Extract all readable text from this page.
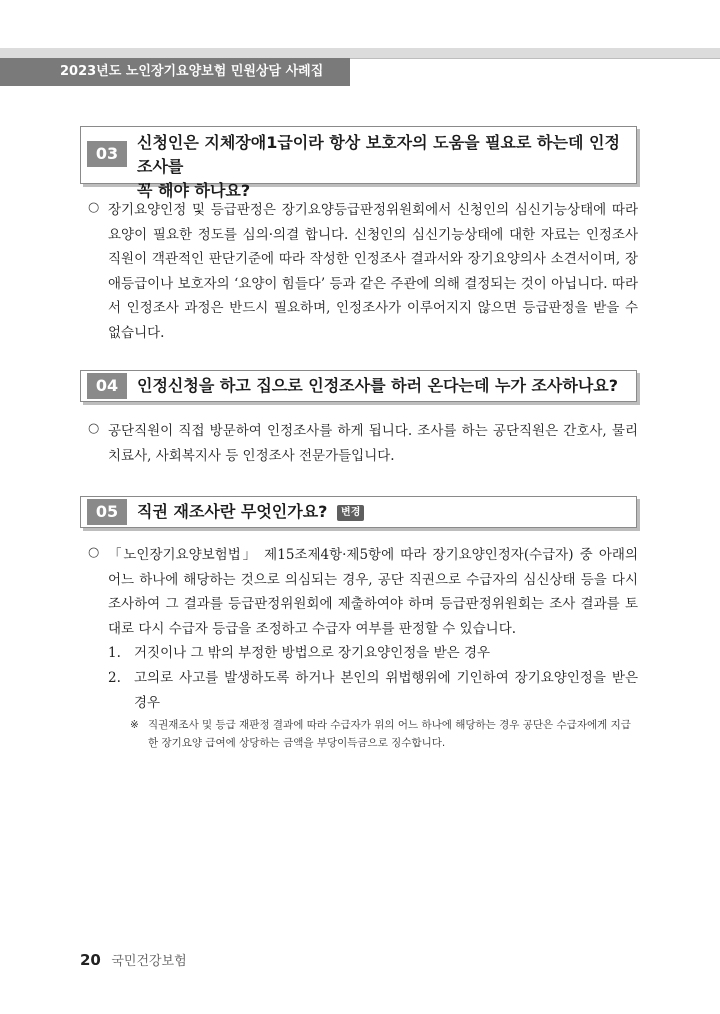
2023년도 노인장기요양보험 민원상담 사례집
03
신청인은 지체장애1급이라 항상 보호자의 도움을 필요로 하는데 인정조사를
꼭 해야 하나요?
○ 장기요양인정 및 등급판정은 장기요양등급판정위원회에서 신청인의 심신기능상태에 따라 요양이 필요한 정도를 심의·의결 합니다. 신청인의 심신기능상태에 대한 자료는 인정조사 직원이 객관적인 판단기준에 따라 작성한 인정조사 결과서와 장기요양의사 소견서이며, 장애등급이나 보호자의 ‘요양이 힘들다’ 등과 같은 주관에 의해 결정되는 것이 아닙니다. 따라서 인정조사 과정은 반드시 필요하며, 인정조사가 이루어지지 않으면 등급판정을 받을 수 없습니다.
04	인정신청을 하고 집으로 인정조사를 하러 온다는데 누가 조사하나요?
○ 공단직원이 직접 방문하여 인정조사를 하게 됩니다. 조사를 하는 공단직원은 간호사, 물리치료사, 사회복지사 등 인정조사 전문가들입니다.
05	직권 재조사란 무엇인가요? 변경
○ 「노인장기요양보험법」 제15조제4항·제5항에 따라 장기요양인정자(수급자) 중 아래의 어느 하나에 해당하는 것으로 의심되는 경우, 공단 직권으로 수급자의 심신상태 등을 다시 조사하여 그 결과를 등급판정위원회에 제출하여야 하며 등급판정위원회는 조사 결과를 토대로 다시 수급자 등급을 조정하고 수급자 여부를 판정할 수 있습니다.
1. 거짓이나 그 밖의 부정한 방법으로 장기요양인정을 받은 경우
2. 고의로 사고를 발생하도록 하거나 본인의 위법행위에 기인하여 장기요양인정을 받은 경우
※ 직권재조사 및 등급 재판정 결과에 따라 수급자가 위의 어느 하나에 해당하는 경우 공단은 수급자에게 지급한 장기요양 급여에 상당하는 금액을 부당이득금으로 징수합니다.
20 국민건강보험
